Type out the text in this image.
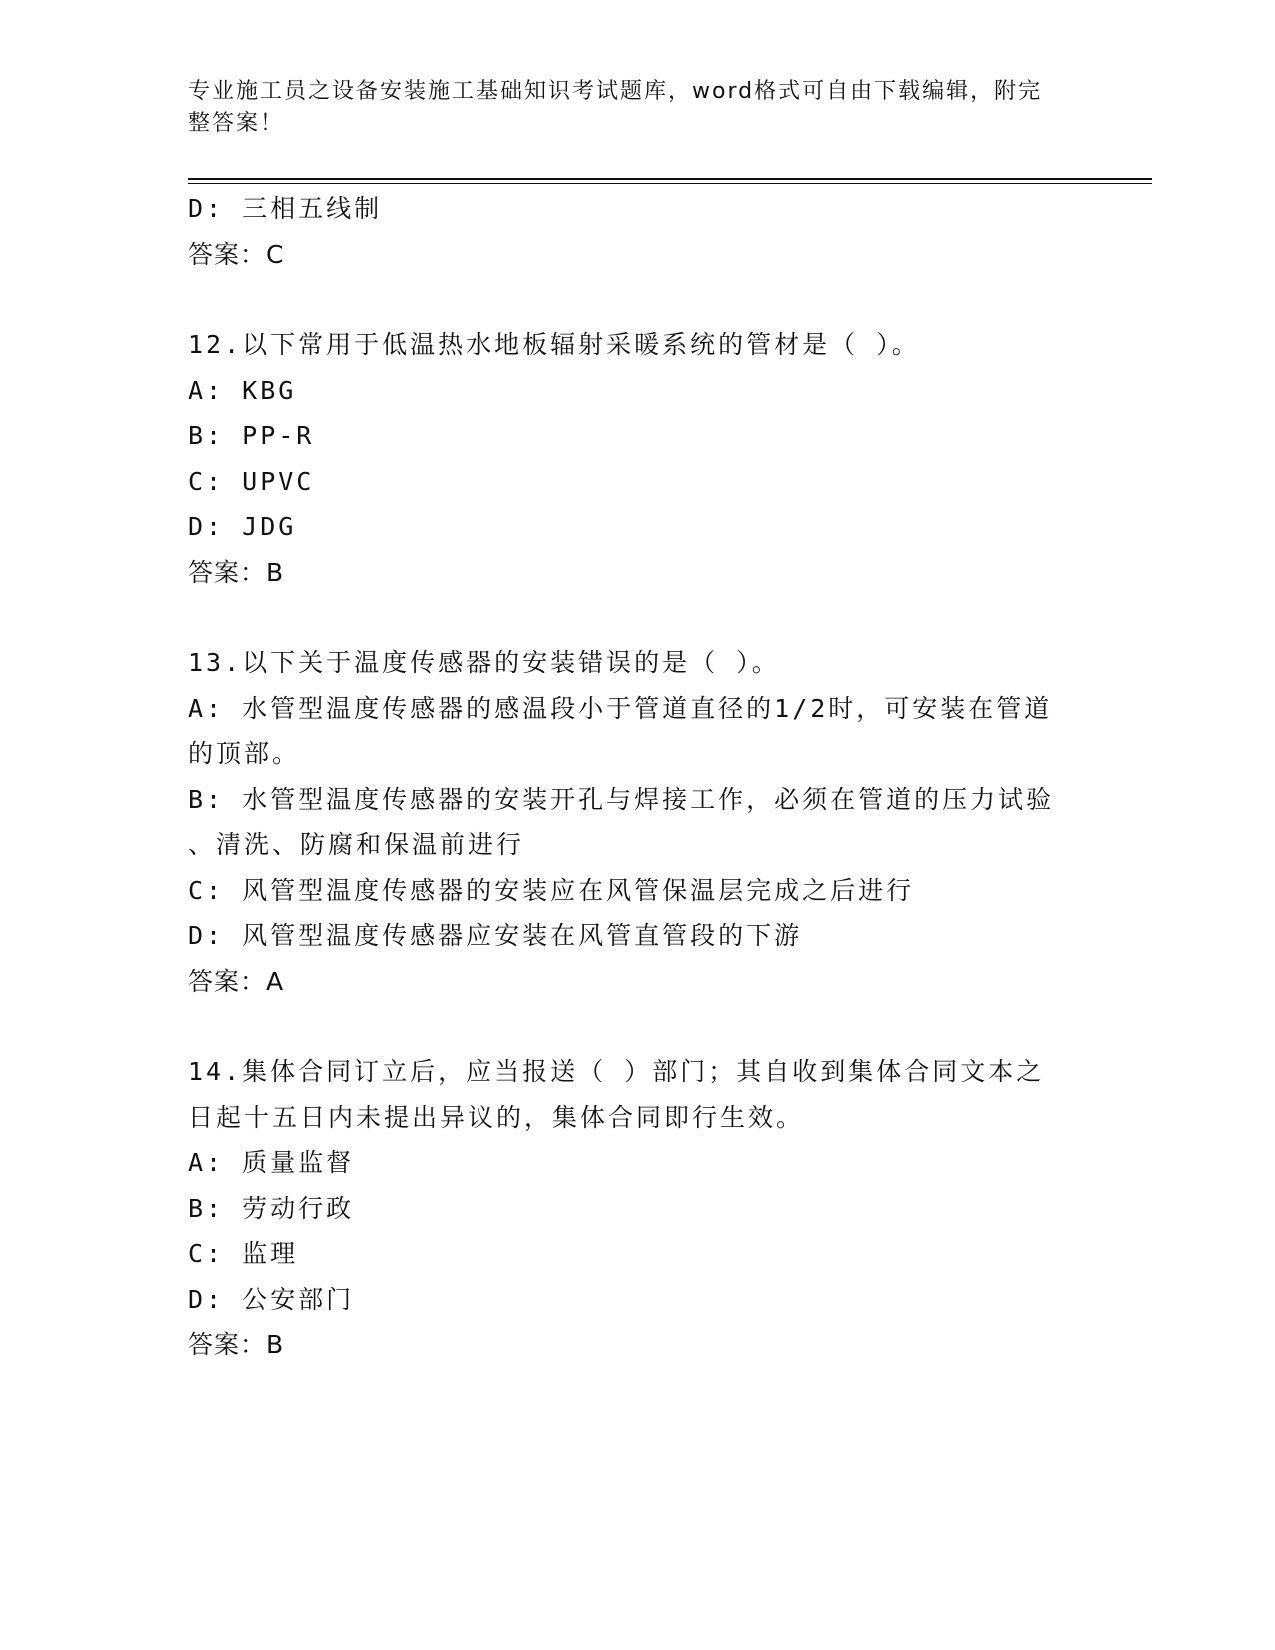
专业施工员之设备安装施工基础知识考试题库，word格式可自由下载编辑，附完
整答案！
D: 三相五线制
答案：C
12.以下常用于低温热水地板辐射采暖系统的管材是（ ）。
A: KBG
B: PP-R
C: UPVC
D: JDG
答案：B
13.以下关于温度传感器的安装错误的是（ ）。
A: 水管型温度传感器的感温段小于管道直径的1/2时，可安装在管道
的顶部。
B: 水管型温度传感器的安装开孔与焊接工作，必须在管道的压力试验
、清洗、防腐和保温前进行
C: 风管型温度传感器的安装应在风管保温层完成之后进行
D: 风管型温度传感器应安装在风管直管段的下游
答案：A
14.集体合同订立后，应当报送（ ）部门；其自收到集体合同文本之
日起十五日内未提出异议的，集体合同即行生效。
A: 质量监督
B: 劳动行政
C: 监理
D: 公安部门
答案：B
